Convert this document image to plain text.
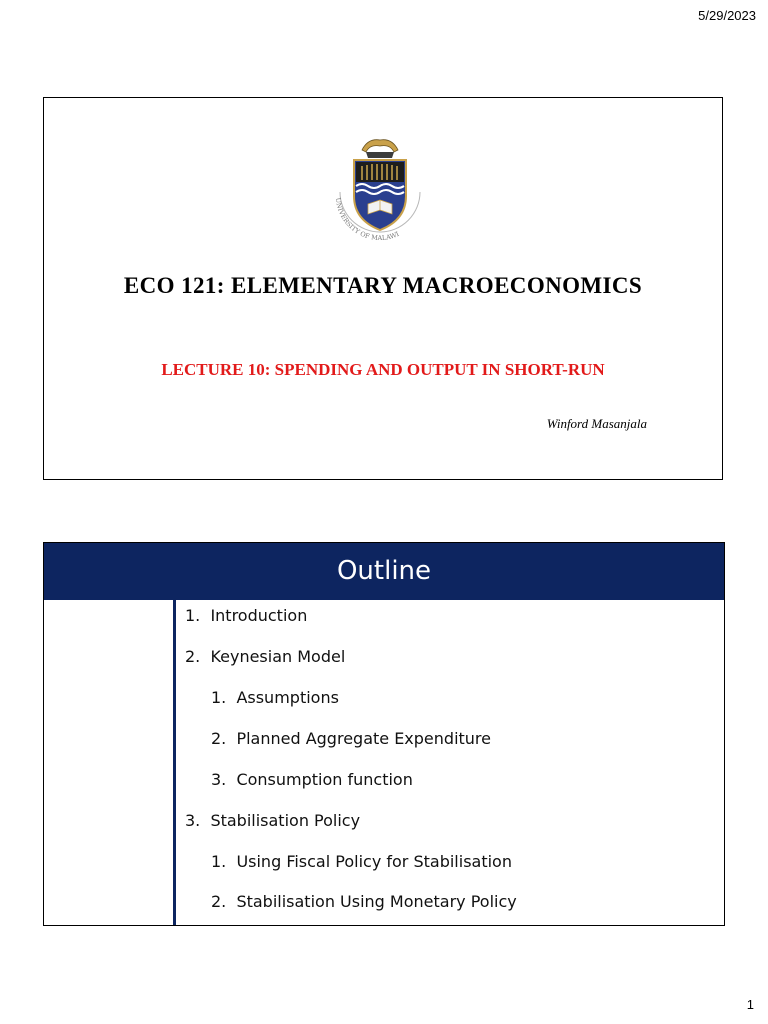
5/29/2023
UNIVERSITY OF MALAWI
ECO 121: ELEMENTARY MACROECONOMICS
LECTURE 10: SPENDING AND OUTPUT IN SHORT-RUN
Winford Masanjala
Outline
1. Introduction
2. Keynesian Model
1. Assumptions
2. Planned Aggregate Expenditure
3. Consumption function
3. Stabilisation Policy
1. Using Fiscal Policy for Stabilisation
2. Stabilisation Using Monetary Policy
1
